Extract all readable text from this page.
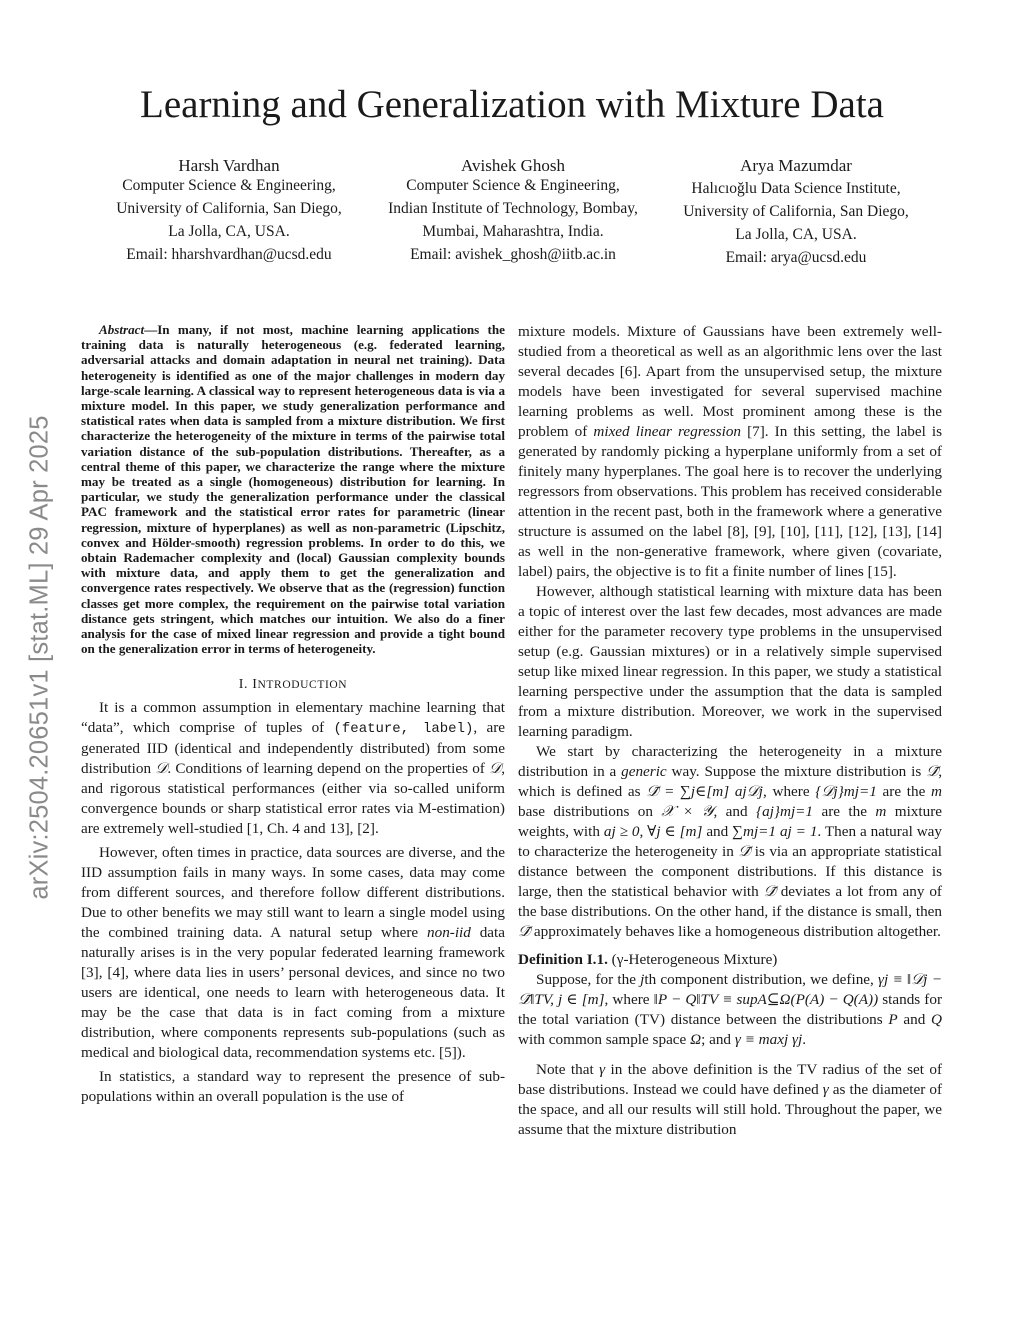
Learning and Generalization with Mixture Data
Harsh Vardhan
Computer Science & Engineering,
University of California, San Diego,
La Jolla, CA, USA.
Email: hharshvardhan@ucsd.edu
Avishek Ghosh
Computer Science & Engineering,
Indian Institute of Technology, Bombay,
Mumbai, Maharashtra, India.
Email: avishek_ghosh@iitb.ac.in
Arya Mazumdar
Halıcıoğlu Data Science Institute,
University of California, San Diego,
La Jolla, CA, USA.
Email: arya@ucsd.edu
arXiv:2504.20651v1 [stat.ML] 29 Apr 2025

Abstract—In many, if not most, machine learning applications the training data is naturally heterogeneous (e.g. federated learning, adversarial attacks and domain adaptation in neural net training). Data heterogeneity is identified as one of the major challenges in modern day large-scale learning. A classical way to represent heterogeneous data is via a mixture model. In this paper, we study generalization performance and statistical rates when data is sampled from a mixture distribution. We first characterize the heterogeneity of the mixture in terms of the pairwise total variation distance of the sub-population distributions. Thereafter, as a central theme of this paper, we characterize the range where the mixture may be treated as a single (homogeneous) distribution for learning. In particular, we study the generalization performance under the classical PAC framework and the statistical error rates for parametric (linear regression, mixture of hyperplanes) as well as non-parametric (Lipschitz, convex and Hölder-smooth) regression problems. In order to do this, we obtain Rademacher complexity and (local) Gaussian complexity bounds with mixture data, and apply them to get the generalization and convergence rates respectively. We observe that as the (regression) function classes get more complex, the requirement on the pairwise total variation distance gets stringent, which matches our intuition. We also do a finer analysis for the case of mixed linear regression and provide a tight bound on the generalization error in terms of heterogeneity.

I. INTRODUCTION

It is a common assumption in elementary machine learning that “data”, which comprise of tuples of (feature, label), are generated IID (identical and independently distributed) from some distribution 𝒟. Conditions of learning depend on the properties of 𝒟, and rigorous statistical performances (either via so-called uniform convergence bounds or sharp statistical error rates via M-estimation) are extremely well-studied [1, Ch. 4 and 13], [2].

However, often times in practice, data sources are diverse, and the IID assumption fails in many ways. In some cases, data may come from different sources, and therefore follow different distributions. Due to other benefits we may still want to learn a single model using the combined training data. A natural setup where non-iid data naturally arises is in the very popular federated learning framework [3], [4], where data lies in users’ personal devices, and since no two users are identical, one needs to learn with heterogeneous data. It may be the case that data is in fact coming from a mixture distribution, where components represents sub-populations (such as medical and biological data, recommendation systems etc. [5]).

In statistics, a standard way to represent the presence of sub-populations within an overall population is the use of

mixture models. Mixture of Gaussians have been extremely well-studied from a theoretical as well as an algorithmic lens over the last several decades [6]. Apart from the unsupervised setup, the mixture models have been investigated for several supervised machine learning problems as well. Most prominent among these is the problem of mixed linear regression [7]. In this setting, the label is generated by randomly picking a hyperplane uniformly from a set of finitely many hyperplanes. The goal here is to recover the underlying regressors from observations. This problem has received considerable attention in the recent past, both in the framework where a generative structure is assumed on the label [8], [9], [10], [11], [12], [13], [14] as well in the non-generative framework, where given (covariate, label) pairs, the objective is to fit a finite number of lines [15].

However, although statistical learning with mixture data has been a topic of interest over the last few decades, most advances are made either for the parameter recovery type problems in the unsupervised setup (e.g. Gaussian mixtures) or in a relatively simple supervised setup like mixed linear regression. In this paper, we study a statistical learning perspective under the assumption that the data is sampled from a mixture distribution. Moreover, we work in the supervised learning paradigm.

We start by characterizing the heterogeneity in a mixture distribution in a generic way. Suppose the mixture distribution is 𝒟̃, which is defined as 𝒟̃ = ∑j∈[m] aj𝒟j, where {𝒟j}mj=1 are the m base distributions on 𝒳 × 𝒴, and {aj}mj=1 are the m mixture weights, with aj ≥ 0, ∀j ∈ [m] and ∑mj=1 aj = 1. Then a natural way to characterize the heterogeneity in 𝒟̃ is via an appropriate statistical distance between the component distributions. If this distance is large, then the statistical behavior with 𝒟̃ deviates a lot from any of the base distributions. On the other hand, if the distance is small, then 𝒟̃ approximately behaves like a homogeneous distribution altogether.

Definition I.1. (γ-Heterogeneous Mixture)

Suppose, for the jth component distribution, we define, γj ≡ ‖𝒟j − 𝒟̃‖TV, j ∈ [m], where ‖P − Q‖TV ≡ supA⊆Ω(P(A) − Q(A)) stands for the total variation (TV) distance between the distributions P and Q with common sample space Ω; and γ ≡ maxj γj.

Note that γ in the above definition is the TV radius of the set of base distributions. Instead we could have defined γ as the diameter of the space, and all our results will still hold. Throughout the paper, we assume that the mixture distribution
